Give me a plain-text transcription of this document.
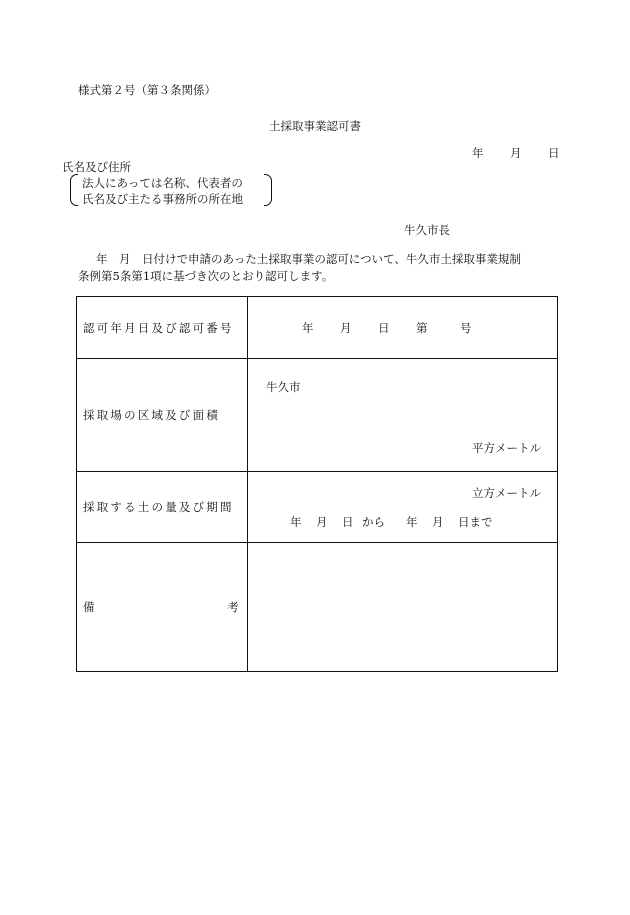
様式第２号（第３条関係）
土採取事業認可書
年 月 日
氏名及び住所
法人にあっては名称、代表者の
氏名及び主たる事務所の所在地
牛久市長
年　月　日付けで申請のあった土採取事業の認可について、牛久市土採取事業規制
条例第5条第1項に基づき次のとおり認可します。
認可年月日及び認可番号	年 月 日 第 号

採取場の区域及び面積	牛久市
平方メートル

採取する土の量及び期間	立方メートル
年 月 日 から 年 月 日まで

備 考	
